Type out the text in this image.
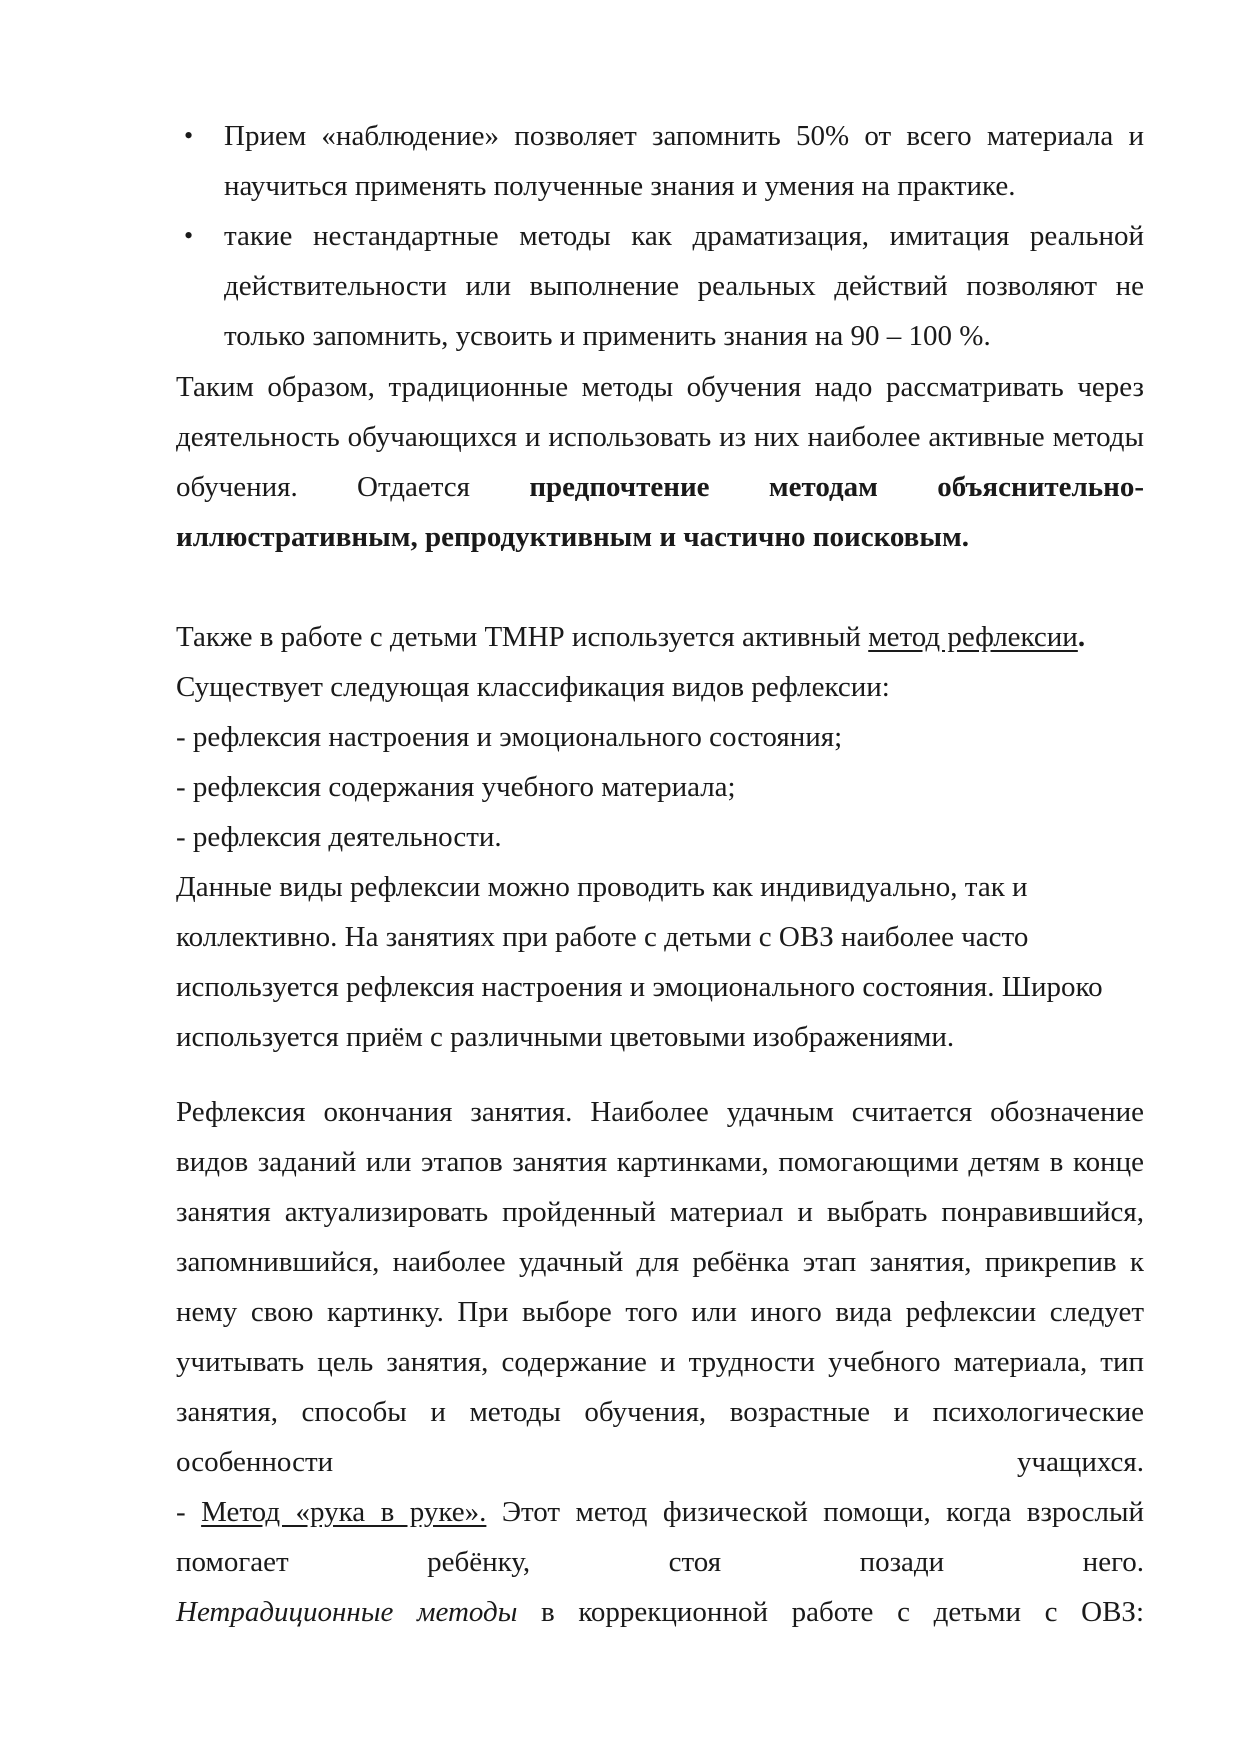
• Прием «наблюдение» позволяет запомнить 50% от всего материала и

научиться применять полученные знания и умения на практике.

• такие нестандартные методы как драматизация, имитация реальной

действительности или выполнение реальных действий позволяют не

только запомнить, усвоить и применить знания на 90 – 100 %.

Таким образом, традиционные методы обучения надо рассматривать через

деятельность обучающихся и использовать из них наиболее активные методы

обучения. Отдается предпочтение методам объяснительно-

иллюстративным, репродуктивным и частично поисковым.

Также в работе с детьми ТМНР используется активный метод рефлексии.

Существует следующая классификация видов рефлексии:

- рефлексия настроения и эмоционального состояния;

- рефлексия содержания учебного материала;

- рефлексия деятельности.

Данные виды рефлексии можно проводить как индивидуально, так и

коллективно. На занятиях при работе с детьми с ОВЗ наиболее часто

используется рефлексия настроения и эмоционального состояния. Широко

используется приём с различными цветовыми изображениями.

Рефлексия окончания занятия. Наиболее удачным считается обозначение

видов заданий или этапов занятия картинками, помогающими детям в конце

занятия актуализировать пройденный материал и выбрать понравившийся,

запомнившийся, наиболее удачный для ребёнка этап занятия, прикрепив к

нему свою картинку. При выборе того или иного вида рефлексии следует

учитывать цель занятия, содержание и трудности учебного материала, тип

занятия, способы и методы обучения, возрастные и психологические

особенности учащихся.

- Метод «рука в руке». Этот метод физической помощи, когда взрослый

помогает ребёнку, стоя позади него.

Нетрадиционные методы в коррекционной работе с детьми с ОВЗ:
